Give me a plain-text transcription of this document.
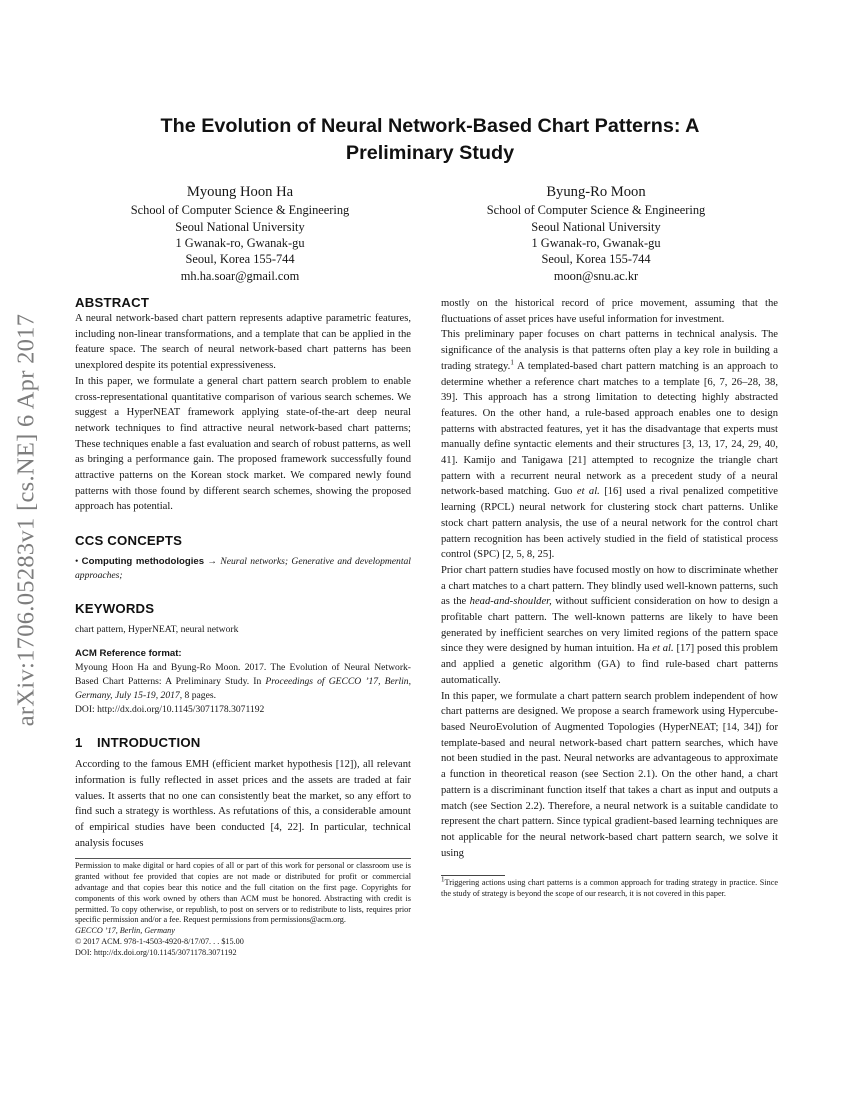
arXiv:1706.05283v1 [cs.NE] 6 Apr 2017
The Evolution of Neural Network-Based Chart Patterns: A
Preliminary Study
Myoung Hoon Ha
School of Computer Science & Engineering
Seoul National University
1 Gwanak-ro, Gwanak-gu
Seoul, Korea 155-744
mh.ha.soar@gmail.com
Byung-Ro Moon
School of Computer Science & Engineering
Seoul National University
1 Gwanak-ro, Gwanak-gu
Seoul, Korea 155-744
moon@snu.ac.kr
ABSTRACT

A neural network-based chart pattern represents adaptive parametric features, including non-linear transformations, and a template that can be applied in the feature space. The search of neural network-based chart patterns has been unexplored despite its potential expressiveness.

In this paper, we formulate a general chart pattern search problem to enable cross-representational quantitative comparison of various search schemes. We suggest a HyperNEAT framework applying state-of-the-art deep neural network techniques to find attractive neural network-based chart patterns; These techniques enable a fast evaluation and search of robust patterns, as well as bringing a performance gain. The proposed framework successfully found attractive patterns on the Korean stock market. We compared newly found patterns with those found by different search schemes, showing the proposed approach has potential.

CCS CONCEPTS

• Computing methodologies → Neural networks; Generative and developmental approaches;

KEYWORDS

chart pattern, HyperNEAT, neural network

ACM Reference format:

Myoung Hoon Ha and Byung-Ro Moon. 2017. The Evolution of Neural Network-Based Chart Patterns: A Preliminary Study. In Proceedings of GECCO ’17, Berlin, Germany, July 15-19, 2017, 8 pages.
DOI: http://dx.doi.org/10.1145/3071178.3071192

1 INTRODUCTION

According to the famous EMH (efficient market hypothesis [12]), all relevant information is fully reflected in asset prices and the assets are traded at fair values. It asserts that no one can consistently beat the market, so any effort to find such a strategy is worthless. As refutations of this, a considerable amount of empirical studies have been conducted [4, 22]. In particular, technical analysis focuses

Permission to make digital or hard copies of all or part of this work for personal or classroom use is granted without fee provided that copies are not made or distributed for profit or commercial advantage and that copies bear this notice and the full citation on the first page. Copyrights for components of this work owned by others than ACM must be honored. Abstracting with credit is permitted. To copy otherwise, or republish, to post on servers or to redistribute to lists, requires prior specific permission and/or a fee. Request permissions from permissions@acm.org.

GECCO ’17, Berlin, Germany

© 2017 ACM. 978-1-4503-4920-8/17/07. . . $15.00

DOI: http://dx.doi.org/10.1145/3071178.3071192

mostly on the historical record of price movement, assuming that the fluctuations of asset prices have useful information for investment.

This preliminary paper focuses on chart patterns in technical analysis. The significance of the analysis is that patterns often play a key role in building a trading strategy.$^1$ A templated-based chart pattern matching is an approach to determine whether a reference chart matches to a template [6, 7, 26–28, 38, 39]. This approach has a strong limitation to detecting highly abstracted features. On the other hand, a rule-based approach enables one to design patterns with abstracted features, yet it has the disadvantage that experts must manually define syntactic elements and their structures [3, 13, 17, 24, 29, 40, 41]. Kamijo and Tanigawa [21] attempted to recognize the triangle chart pattern with a recurrent neural network as a precedent study of a neural network-based matching. Guo et al. [16] used a rival penalized competitive learning (RPCL) neural network for clustering stock chart patterns. Unlike stock chart pattern analysis, the use of a neural network for the control chart pattern recognition has been actively studied in the field of statistical process control (SPC) [2, 5, 8, 25].

Prior chart pattern studies have focused mostly on how to discriminate whether a chart matches to a chart pattern. They blindly used well-known patterns, such as the head-and-shoulder, without sufficient consideration on how to design a profitable chart pattern. The well-known patterns are likely to have been generated by inefficient searches on very limited regions of the pattern space since they were designed by human intuition. Ha et al. [17] posed this problem and applied a genetic algorithm (GA) to find rule-based chart patterns automatically.

In this paper, we formulate a chart pattern search problem independent of how chart patterns are designed. We propose a search framework using Hypercube-based NeuroEvolution of Augmented Topologies (HyperNEAT; [14, 34]) for template-based and neural network-based chart pattern searches, which have not been studied in the past. Neural networks are advantageous to approximate a function in theoretical reason (see Section 2.1). On the other hand, a chart pattern is a discriminant function itself that takes a chart as input and outputs a match (see Section 2.2). Therefore, a neural network is a suitable candidate to represent the chart pattern. Since typical gradient-based learning techniques are not applicable for the neural network-based chart pattern search, we solve it using

$^1$Triggering actions using chart patterns is a common approach for trading strategy in practice. Since the study of strategy is beyond the scope of our research, it is not covered in this paper.
